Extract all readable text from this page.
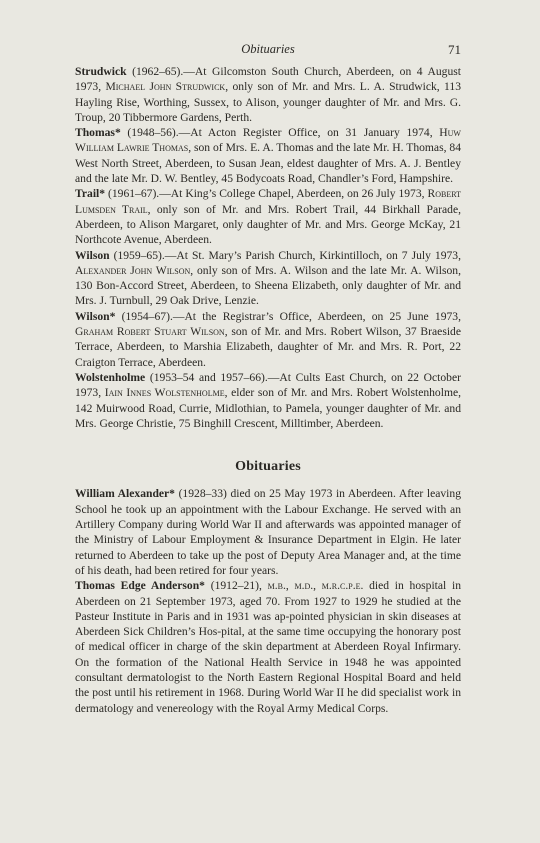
Obituaries	71

Strudwick (1962–65).—At Gilcomston South Church, Aberdeen, on 4 August 1973, Michael John Strudwick, only son of Mr. and Mrs. L. A. Strudwick, 113 Hayling Rise, Worthing, Sussex, to Alison, younger daughter of Mr. and Mrs. G. Troup, 20 Tibbermore Gardens, Perth.

Thomas* (1948–56).—At Acton Register Office, on 31 January 1974, Huw William Lawrie Thomas, son of Mrs. E. A. Thomas and the late Mr. H. Thomas, 84 West North Street, Aberdeen, to Susan Jean, eldest daughter of Mrs. A. J. Bentley and the late Mr. D. W. Bentley, 45 Bodycoats Road, Chandler’s Ford, Hampshire.

Trail* (1961–67).—At King’s College Chapel, Aberdeen, on 26 July 1973, Robert Lumsden Trail, only son of Mr. and Mrs. Robert Trail, 44 Birkhall Parade, Aberdeen, to Alison Margaret, only daughter of Mr. and Mrs. George McKay, 21 Northcote Avenue, Aberdeen.

Wilson (1959–65).—At St. Mary’s Parish Church, Kirkintilloch, on 7 July 1973, Alexander John Wilson, only son of Mrs. A. Wilson and the late Mr. A. Wilson, 130 Bon-Accord Street, Aberdeen, to Sheena Elizabeth, only daughter of Mr. and Mrs. J. Turnbull, 29 Oak Drive, Lenzie.

Wilson* (1954–67).—At the Registrar’s Office, Aberdeen, on 25 June 1973, Graham Robert Stuart Wilson, son of Mr. and Mrs. Robert Wilson, 37 Braeside Terrace, Aberdeen, to Marshia Elizabeth, daughter of Mr. and Mrs. R. Port, 22 Craigton Terrace, Aberdeen.

Wolstenholme (1953–54 and 1957–66).—At Cults East Church, on 22 October 1973, Iain Innes Wolstenholme, elder son of Mr. and Mrs. Robert Wolstenholme, 142 Muirwood Road, Currie, Midlothian, to Pamela, younger daughter of Mr. and Mrs. George Christie, 75 Binghill Crescent, Milltimber, Aberdeen.

Obituaries

William Alexander* (1928–33) died on 25 May 1973 in Aberdeen. After leaving School he took up an appointment with the Labour Exchange. He served with an Artillery Company during World War II and afterwards was appointed manager of the Ministry of Labour Employment & Insurance Department in Elgin. He later returned to Aberdeen to take up the post of Deputy Area Manager and, at the time of his death, had been retired for four years.

Thomas Edge Anderson* (1912–21), m.b., m.d., m.r.c.p.e. died in hospital in Aberdeen on 21 September 1973, aged 70. From 1927 to 1929 he studied at the Pasteur Institute in Paris and in 1931 was ap-pointed physician in skin diseases at Aberdeen Sick Children’s Hos-pital, at the same time occupying the honorary post of medical officer in charge of the skin department at Aberdeen Royal Infirmary. On the formation of the National Health Service in 1948 he was appointed consultant dermatologist to the North Eastern Regional Hospital Board and held the post until his retirement in 1968. During World War II he did specialist work in dermatology and venereology with the Royal Army Medical Corps.
